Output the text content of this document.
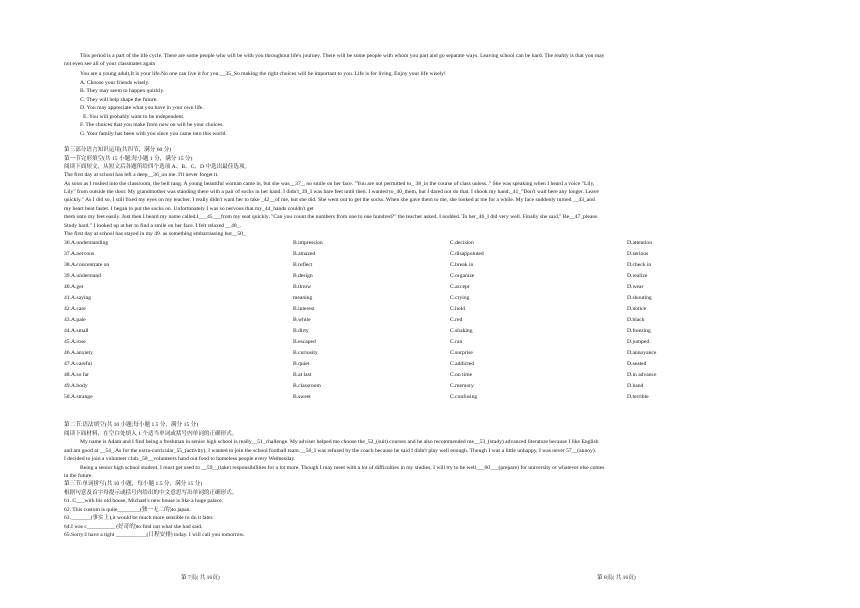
This period is a part of the life cycle. There are some people who will be with you throughout life's journey. There will be some people with whom you part and go separate ways. Leaving school can be hard. The reality is that you may
not even see all of your classmates again
You are a young adult,It is your life.No one can live it for you.__35_So making the right choices will be important to you. Life is for living. Enjoy your life wisely!
A. Choose your friends wisely.
B. They may seem to happen quickly.
C. They will help shape the future.
D. You may appreciate what you have in your own life.
E. You will probably want to be independent.
F. The choices that you make from now on will be your choices.
G. Your family has been with you since you came into this world
第三部分语言知识运用(共四节，满分 60 分)
第一节完形填空(共 15 小题;每小题 1 分，满分 15 分)
阅读下面短文，从短文后各题所给四个选项 A、B、C、D 中选出最佳选项。
The first day at school has left a deep__36_on me. I'll never forget it.
As soon as I rushed into the classroom, the bell rang. A young beautiful woman came in, but she was__37_, no smile on her face. "You are not permitted to_ 38_in the course of class unless.." She was speaking when I heard a voice "Lily,
Lily" from outside the door. My grandmother was standing there with a pair of socks in her hand. I didn't_39_I was bare feet until then. I wanted to_40_them, but I dared not do that. I shook my hand,_41_"Don't wait here any longer. Leave
quickly." As I did so, I still fixed my eyes on my teacher. I really didn't want her to take _42__of me, but she did. She went out to get the socks. When she gave them to me, she looked at me for a while. My face suddenly turned __43_and
my heart beat faster. I began to put the socks on. Unfortunately I was so nervous that my_44_hands couldn't get
them onto my feet easily. Just then I heard my name called.I___45___from my seat quickly. "Can you count the numbers from one to one hundred?" the teacher asked. I nodded. To her_46_I did very well. Finally she said," Be__47_please.
Study hard." I looked up at her to find a smile on her face. I felt relaxed __48_.
The first day at school has stayed in my 49. as something embarrassing but__50_
36.A.understanding	B.impression	C.decision	D.attention
37.A.nervous	B.amazed	C.disappointed	D.serious
38.A.concentrate on	B.reflect	C.break in	D.check in
39.A.understand	B.design	C.organize	D.realize
40.A.get	B.throw	C.accept	D.wear
41.A.saying	meaning	C.crying	D.shouting
42.A.care	B.interest	C.hold	D.notice
43.A.pale	B.white	C.red	D.black
44.A.small	B.dirty	C.shaking	D.freezing
45.A.rose	B.escaped	C.ran	D.jumped
46.A.anxiety	B.curiosity	C.surprise	D.annoyance
47.A.careful	B.quiet	C.addicted	D.seated
48.A.so far	B.at last	C.on time	D.in advance
49.A.body	B.classroom	C.memory	D.hand
50.A.strange	B.sweet	C.confusing	D.terrible
第二节:语法填空(共 10 小题;每小题 1.5 分，满分 15 分)
阅读下面材料，在空白处填入 1 个适当单词或括号内单词的正确形式。
My name is Adam and I find being a freshman in senior high school is really__51_challenge. My adviser helped me choose the_52_(suit) courses and he also recommended me__53_(study) advanced literature because I like English
and am good at __54_.As for the extra-curricular_55_(activity), I wanted to join the school football team.__56_I was refused by the coach because he said I didn't play well enough. Though I was a little unhappy, I was never 57__(annoy).
I decided to join a volunteer club._58__volunteers hand out food to homeless people every Wednesday.
Being a senior high school student, I must get used to __59__(take) responsibilities for a lot more. Though I may meet with a lot of difficulties in my studies, I will try to be well___60___(prepare) for university or whatever else comes
in the future.
第三节:单词拼写(共 10 小题，每小题 1.5 分，满分 15 分)
根据句意及首字母提示或括号内给出的中文意思写出单词的正确形式。
61. C___with his old house, Michael's new house is like a huge palace.
62. This custom is quite________(独一无二的)to japan.
63._______(事实上),it would be much more sensible to do it later.
64.I was c__________ (好奇的)to find out what she had said.
65.Sorry:I have a tight ___________(日程安排) today. I will call you tomorrow.
第 7页( 共 16页)	第 8页( 共 16页)
